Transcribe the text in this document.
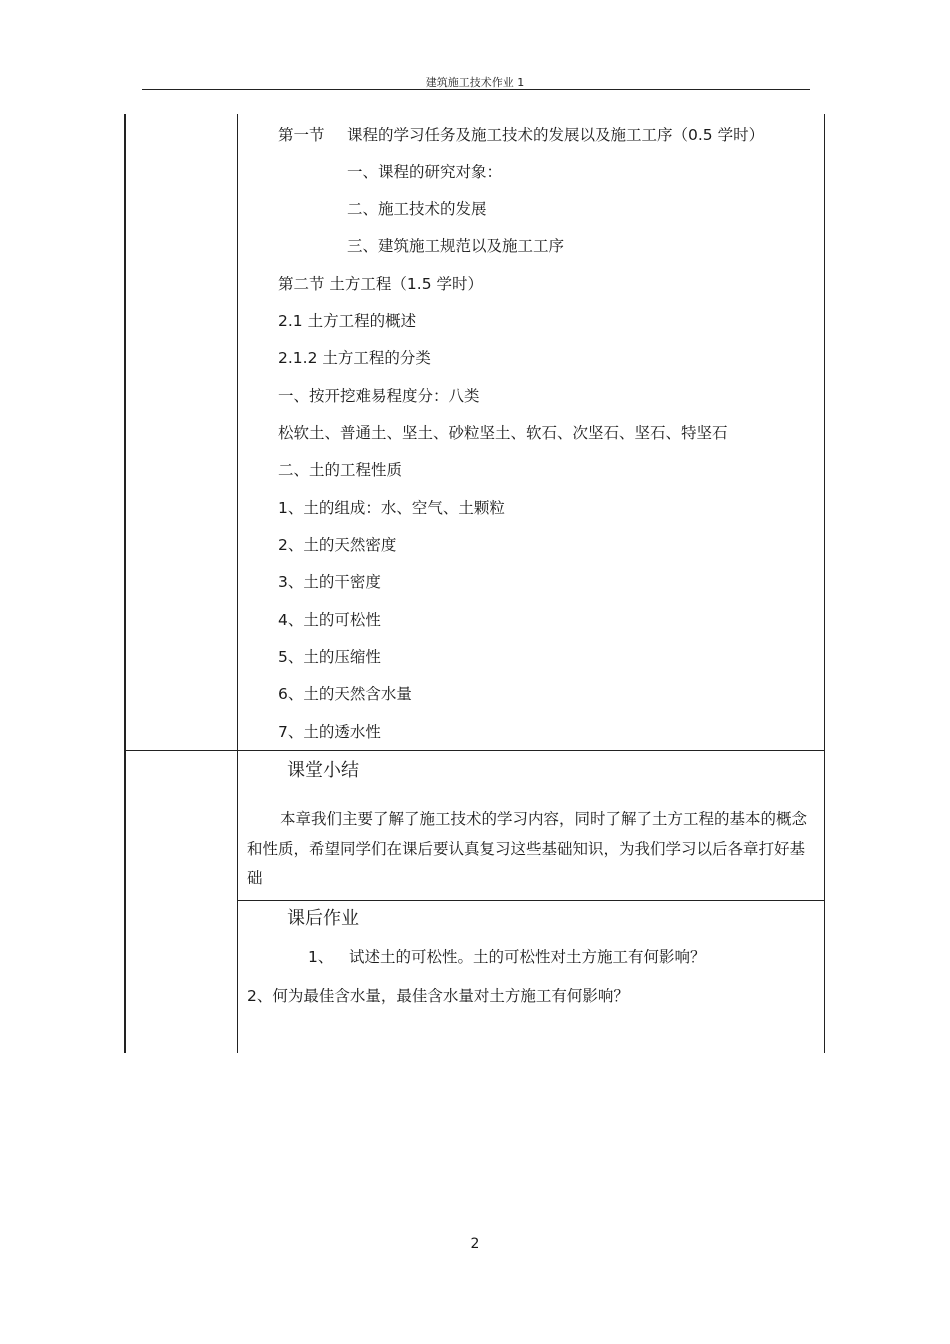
建筑施工技术作业 1
第一节 课程的学习任务及施工技术的发展以及施工工序（0.5 学时）
一、课程的研究对象：
二、施工技术的发展
三、建筑施工规范以及施工工序
第二节 土方工程（1.5 学时）
2.1 土方工程的概述
2.1.2 土方工程的分类
一、按开挖难易程度分：八类
松软土、普通土、坚土、砂粒坚土、软石、次坚石、坚石、特坚石
二、土的工程性质
1、土的组成：水、空气、土颗粒
2、土的天然密度
3、土的干密度
4、土的可松性
5、土的压缩性
6、土的天然含水量
7、土的透水性
课堂小结
本章我们主要了解了施工技术的学习内容，同时了解了土方工程的基本的概念和性质，希望同学们在课后要认真复习这些基础知识，为我们学习以后各章打好基础
课后作业
1、 试述土的可松性。土的可松性对土方施工有何影响？
2、何为最佳含水量，最佳含水量对土方施工有何影响？
2
